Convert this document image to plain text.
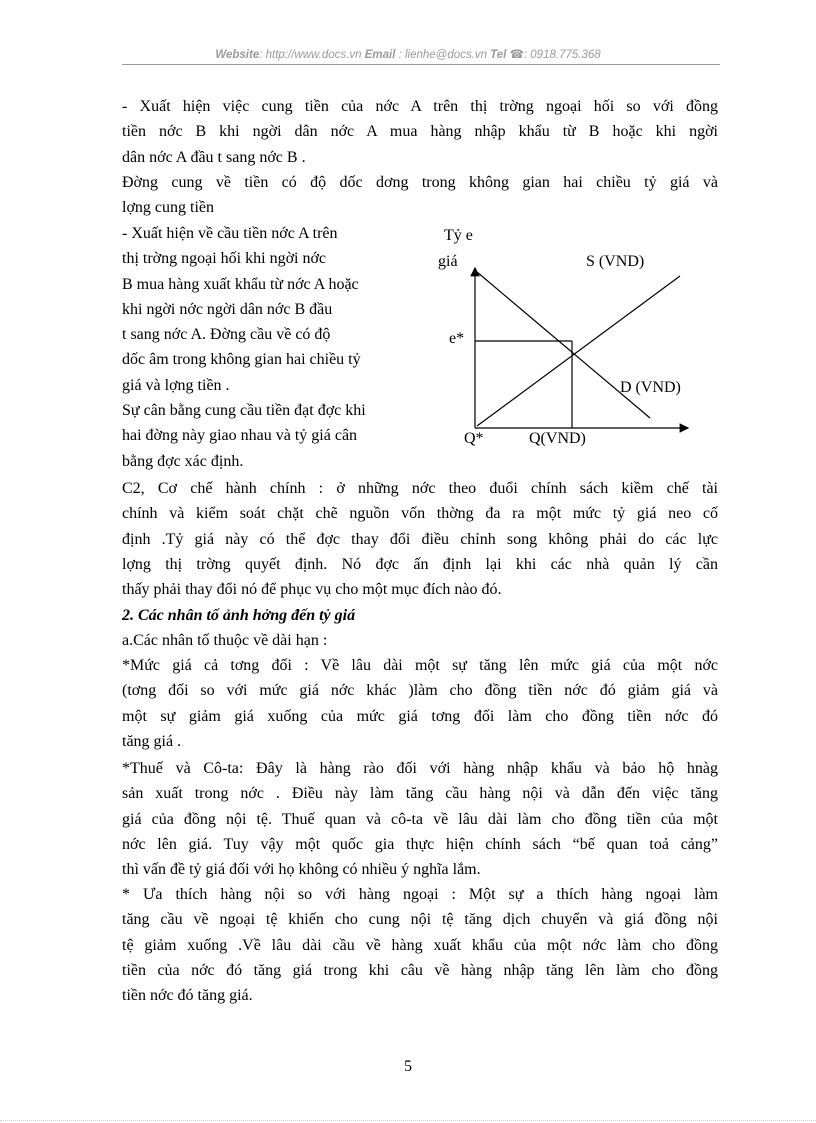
Website: http://www.docs.vn Email : lienhe@docs.vn Tel ☎: 0918.775.368
- Xuất hiện việc cung tiền của nớc A trên thị trờng ngoại hối so với đồng
tiền nớc B khi ngời dân nớc A mua hàng nhập khẩu từ B hoặc khi ngời
dân nớc A đầu t sang nớc B .
Đờng cung về tiền có độ dốc dơng trong không gian hai chiều tỷ giá và
lợng cung tiền
- Xuất hiện về cầu tiền nớc A trên
thị trờng ngoại hối khi ngời nớc
B mua hàng xuất khẩu từ nớc A hoặc
khi ngời nớc ngời dân nớc B đầu
t sang nớc A. Đờng cầu về có độ
dốc âm trong không gian hai chiều tỷ
giá và lợng tiền .
Sự cân bằng cung cầu tiền đạt đợc khi
hai đờng này giao nhau và tỷ giá cân
bằng đợc xác định.
Tỷ e
giá	S (VND)
D (VND)
e*
Q*	Q(VND)
C2, Cơ chế hành chính : ở những nớc theo đuổi chính sách kiềm chế tài
chính và kiểm soát chặt chẽ nguồn vốn thờng đa ra một mức tỷ giá neo cố
định .Tỷ giá này có thể đợc thay đổi điều chỉnh song không phải do các lực
lợng thị trờng quyết định. Nó đợc ấn định lại khi các nhà quản lý cần
thấy phải thay đổi nó để phục vụ cho một mục đích nào đó.
2. Các nhân tố ảnh hởng đến tỷ giá
a.Các nhân tố thuộc về dài hạn :
*Mức giá cả tơng đối : Về lâu dài một sự tăng lên mức giá của một nớc
(tơng đối so với mức giá nớc khác )làm cho đồng tiền nớc đó giảm giá và
một sự giảm giá xuống của mức giá tơng đối làm cho đồng tiền nớc đó
tăng giá .
*Thuế và Cô-ta: Đây là hàng rào đối với hàng nhập khẩu và bảo hộ hnàg
sản xuất trong nớc . Điều này làm tăng cầu hàng nội và dẫn đến việc tăng
giá của đồng nội tệ. Thuế quan và cô-ta về lâu dài làm cho đồng tiền của một
nớc lên giá. Tuy vậy một quốc gia thực hiện chính sách “bế quan toả cảng”
thì vấn đề tỷ giá đối với họ không có nhiều ý nghĩa lắm.
* Ưa thích hàng nội so với hàng ngoại : Một sự a thích hàng ngoại làm
tăng cầu về ngoại tệ khiến cho cung nội tệ tăng dịch chuyển và giá đồng nội
tệ giảm xuống .Về lâu dài cầu về hàng xuất khẩu của một nớc làm cho đồng
tiền của nớc đó tăng giá trong khi câu về hàng nhập tăng lên làm cho đồng
tiền nớc đó tăng giá.
5
